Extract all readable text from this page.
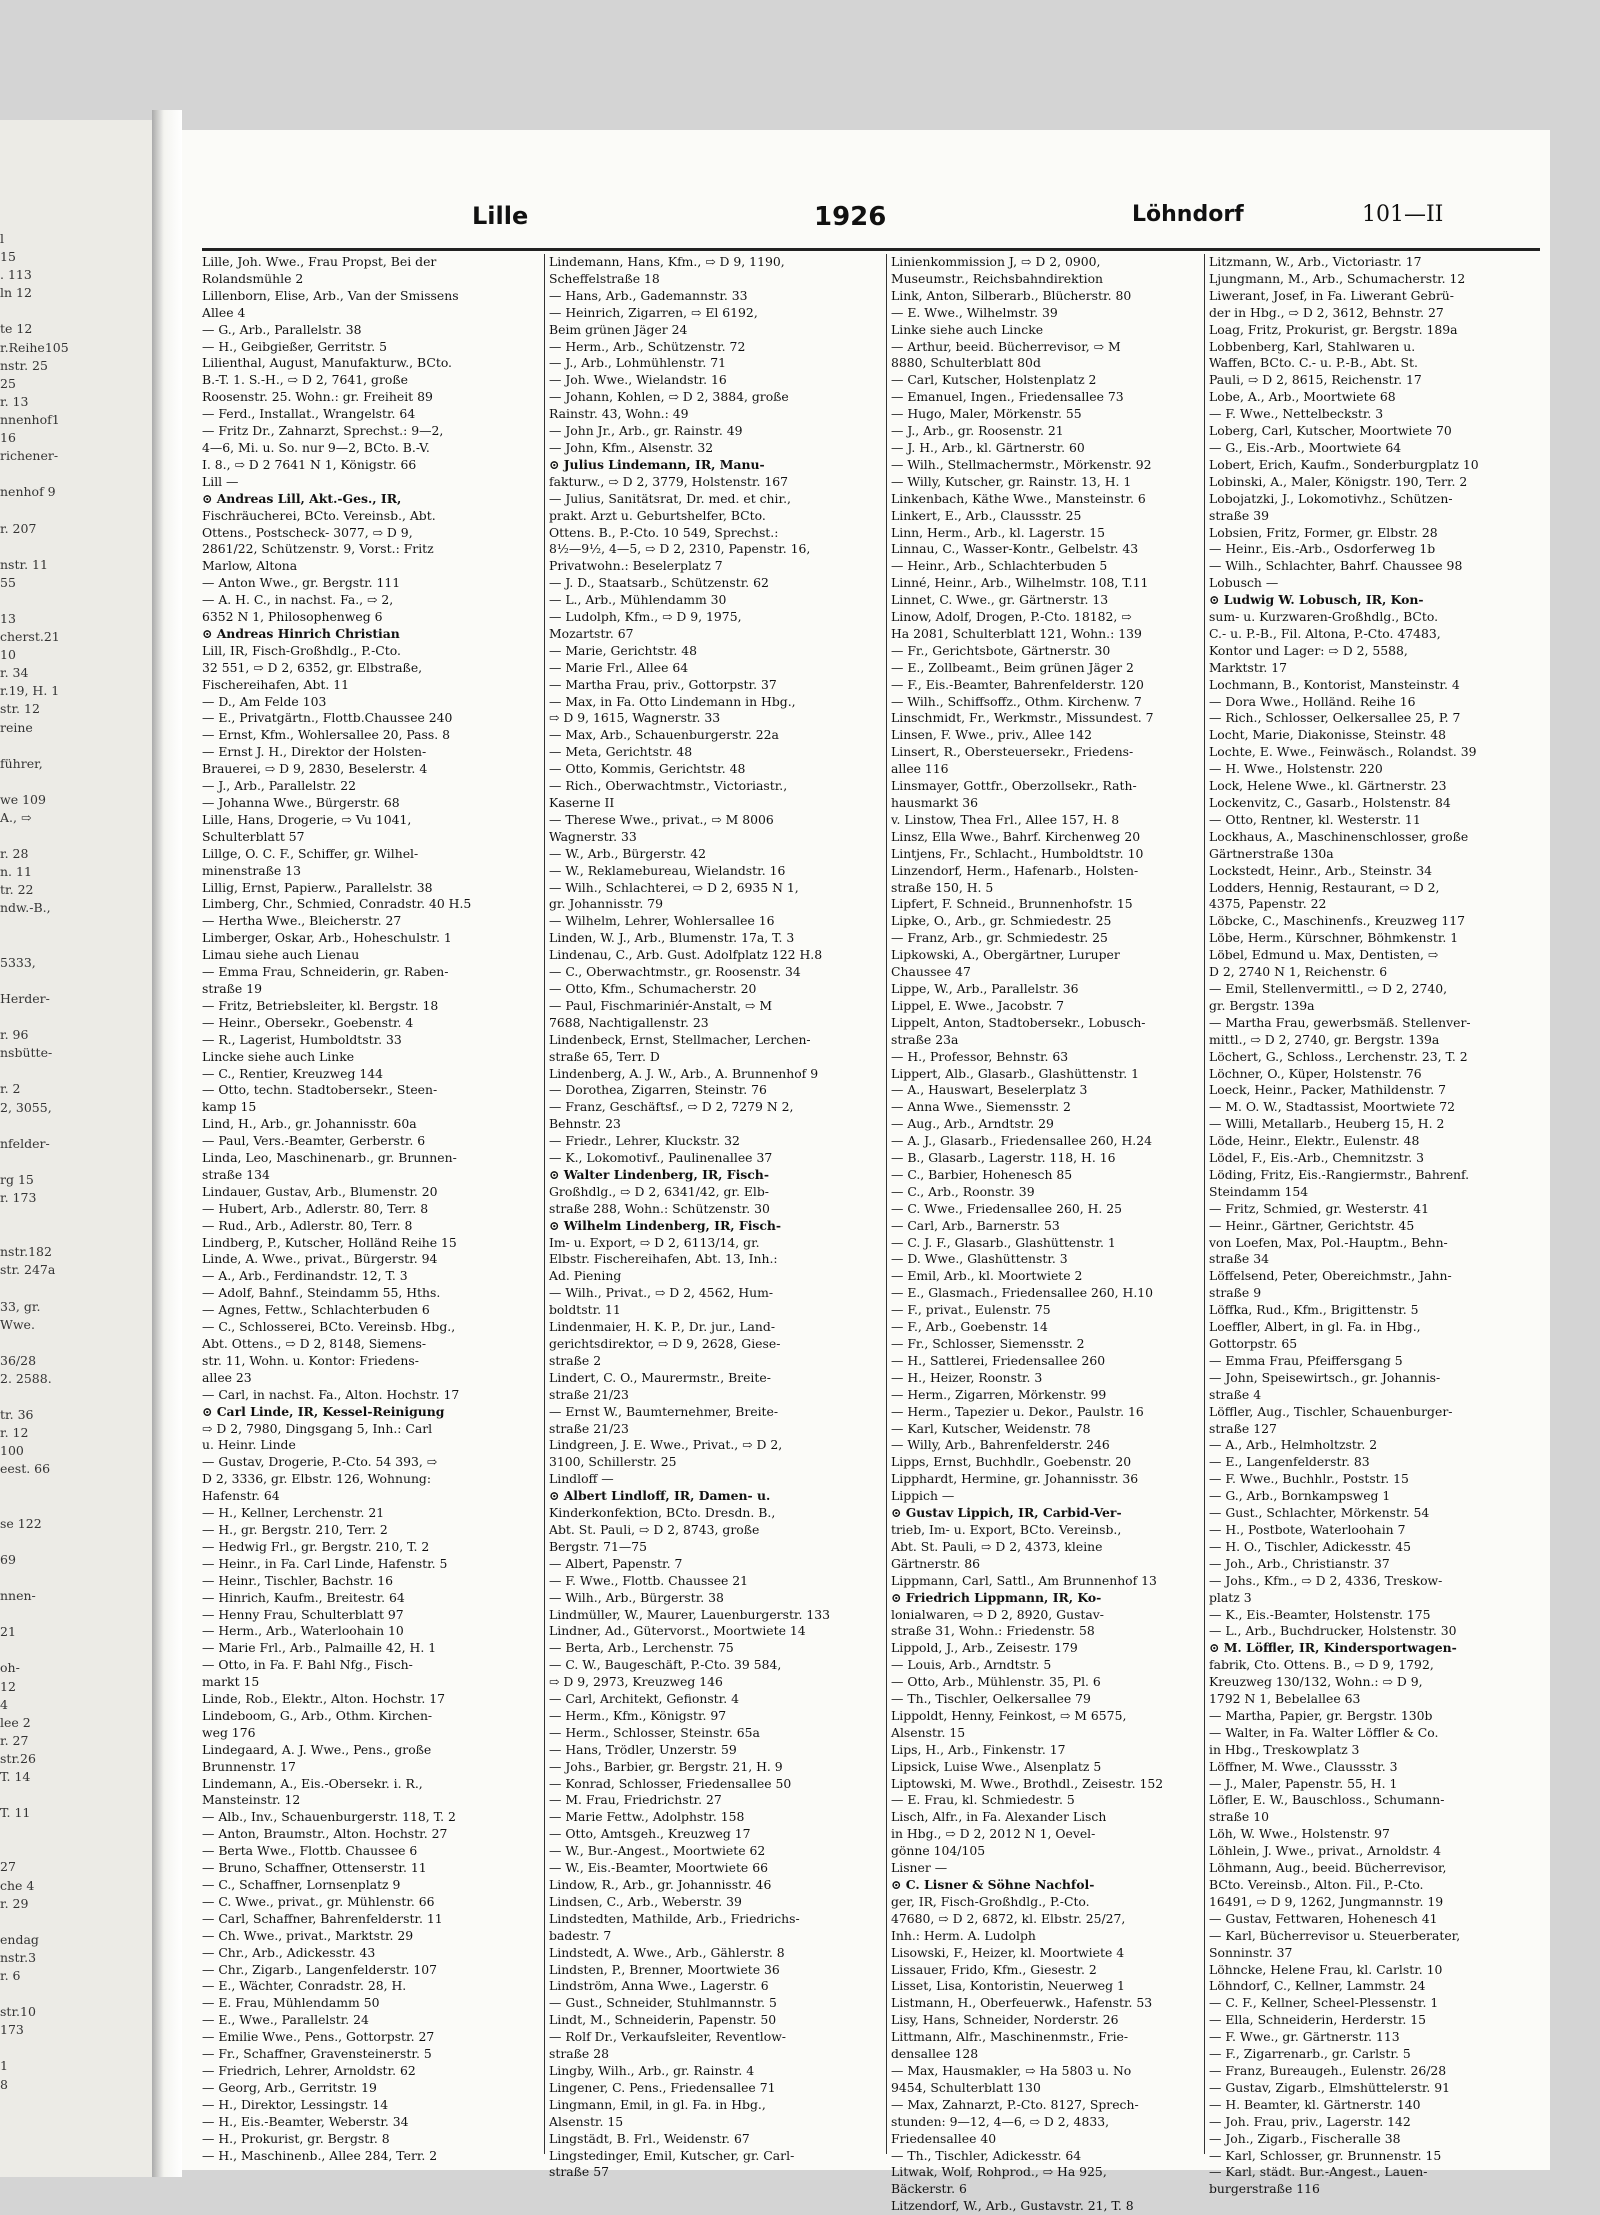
l
15
. 113
ln 12

te 12
r.Reihe105
nstr. 25
25
r. 13
nnenhof1
16
richener-

nenhof 9

r. 207

nstr. 11
55

13
cherst.21
10
r. 34
r.19, H. 1
str. 12
reine

führer,

we 109
A., ⇨

r. 28
n. 11
tr. 22
ndw.-B.,

5333,

Herder-

r. 96
nsbütte-

r. 2
2, 3055,

nfelder-

rg 15
r. 173

nstr.182
str. 247a

33, gr.
Wwe.

36/28
2. 2588.

tr. 36
r. 12
100
eest. 66

se 122

69

nnen-

21

oh-
12
4
lee 2
r. 27
str.26
T. 14

T. 11

27
che 4
r. 29

endag
nstr.3
r. 6

str.10
173

1
8
Lille	1926	Löhndorf	101—II
Lille, Joh. Wwe., Frau Propst, Bei der
Rolandsmühle 2
Lillenborn, Elise, Arb., Van der Smissens
Allee 4
— G., Arb., Parallelstr. 38
— H., Geibgießer, Gerritstr. 5
Lilienthal, August, Manufakturw., BCto.
B.-T. 1. S.-H., ⇨ D 2, 7641, große
Roosenstr. 25. Wohn.: gr. Freiheit 89
— Ferd., Installat., Wrangelstr. 64
— Fritz Dr., Zahnarzt, Sprechst.: 9—2,
4—6, Mi. u. So. nur 9—2, BCto. B.-V.
I. 8., ⇨ D 2 7641 N 1, Königstr. 66
Lill —
⊙ Andreas Lill, Akt.-Ges., IR,
Fischräucherei, BCto. Vereinsb., Abt.
Ottens., Postscheck- 3077, ⇨ D 9,
2861/22, Schützenstr. 9, Vorst.: Fritz
Marlow, Altona
— Anton Wwe., gr. Bergstr. 111
— A. H. C., in nachst. Fa., ⇨ 2,
6352 N 1, Philosophenweg 6
⊙ Andreas Hinrich Christian
Lill, IR, Fisch-Großhdlg., P.-Cto.
32 551, ⇨ D 2, 6352, gr. Elbstraße,
Fischereihafen, Abt. 11
— D., Am Felde 103
— E., Privatgärtn., Flottb.Chaussee 240
— Ernst, Kfm., Wohlersallee 20, Pass. 8
— Ernst J. H., Direktor der Holsten-
Brauerei, ⇨ D 9, 2830, Beselerstr. 4
— J., Arb., Parallelstr. 22
— Johanna Wwe., Bürgerstr. 68
Lille, Hans, Drogerie, ⇨ Vu 1041,
Schulterblatt 57
Lillge, O. C. F., Schiffer, gr. Wilhel-
minenstraße 13
Lillig, Ernst, Papierw., Parallelstr. 38
Limberg, Chr., Schmied, Conradstr. 40 H.5
— Hertha Wwe., Bleicherstr. 27
Limberger, Oskar, Arb., Hoheschulstr. 1
Limau siehe auch Lienau
— Emma Frau, Schneiderin, gr. Raben-
straße 19
— Fritz, Betriebsleiter, kl. Bergstr. 18
— Heinr., Obersekr., Goebenstr. 4
— R., Lagerist, Humboldtstr. 33
Lincke siehe auch Linke
— C., Rentier, Kreuzweg 144
— Otto, techn. Stadtobersekr., Steen-
kamp 15
Lind, H., Arb., gr. Johannisstr. 60a
— Paul, Vers.-Beamter, Gerberstr. 6
Linda, Leo, Maschinenarb., gr. Brunnen-
straße 134
Lindauer, Gustav, Arb., Blumenstr. 20
— Hubert, Arb., Adlerstr. 80, Terr. 8
— Rud., Arb., Adlerstr. 80, Terr. 8
Lindberg, P., Kutscher, Holländ Reihe 15
Linde, A. Wwe., privat., Bürgerstr. 94
— A., Arb., Ferdinandstr. 12, T. 3
— Adolf, Bahnf., Steindamm 55, Hths.
— Agnes, Fettw., Schlachterbuden 6
— C., Schlosserei, BCto. Vereinsb. Hbg.,
Abt. Ottens., ⇨ D 2, 8148, Siemens-
str. 11, Wohn. u. Kontor: Friedens-
allee 23
— Carl, in nachst. Fa., Alton. Hochstr. 17
⊙ Carl Linde, IR, Kessel-Reinigung
⇨ D 2, 7980, Dingsgang 5, Inh.: Carl
u. Heinr. Linde
— Gustav, Drogerie, P.-Cto. 54 393, ⇨
D 2, 3336, gr. Elbstr. 126, Wohnung:
Hafenstr. 64
— H., Kellner, Lerchenstr. 21
— H., gr. Bergstr. 210, Terr. 2
— Hedwig Frl., gr. Bergstr. 210, T. 2
— Heinr., in Fa. Carl Linde, Hafenstr. 5
— Heinr., Tischler, Bachstr. 16
— Hinrich, Kaufm., Breitestr. 64
— Henny Frau, Schulterblatt 97
— Herm., Arb., Waterloohain 10
— Marie Frl., Arb., Palmaille 42, H. 1
— Otto, in Fa. F. Bahl Nfg., Fisch-
markt 15
Linde, Rob., Elektr., Alton. Hochstr. 17
Lindeboom, G., Arb., Othm. Kirchen-
weg 176
Lindegaard, A. J. Wwe., Pens., große
Brunnenstr. 17
Lindemann, A., Eis.-Obersekr. i. R.,
Mansteinstr. 12
— Alb., Inv., Schauenburgerstr. 118, T. 2
— Anton, Braumstr., Alton. Hochstr. 27
— Berta Wwe., Flottb. Chaussee 6
— Bruno, Schaffner, Ottenserstr. 11
— C., Schaffner, Lornsenplatz 9
— C. Wwe., privat., gr. Mühlenstr. 66
— Carl, Schaffner, Bahrenfelderstr. 11
— Ch. Wwe., privat., Marktstr. 29
— Chr., Arb., Adickesstr. 43
— Chr., Zigarb., Langenfelderstr. 107
— E., Wächter, Conradstr. 28, H.
— E. Frau, Mühlendamm 50
— E., Wwe., Parallelstr. 24
— Emilie Wwe., Pens., Gottorpstr. 27
— Fr., Schaffner, Gravensteinerstr. 5
— Friedrich, Lehrer, Arnoldstr. 62
— Georg, Arb., Gerritstr. 19
— H., Direktor, Lessingstr. 14
— H., Eis.-Beamter, Weberstr. 34
— H., Prokurist, gr. Bergstr. 8
— H., Maschinenb., Allee 284, Terr. 2
Lindemann, Hans, Kfm., ⇨ D 9, 1190,
Scheffelstraße 18
— Hans, Arb., Gademannstr. 33
— Heinrich, Zigarren, ⇨ El 6192,
Beim grünen Jäger 24
— Herm., Arb., Schützenstr. 72
— J., Arb., Lohmühlenstr. 71
— Joh. Wwe., Wielandstr. 16
— Johann, Kohlen, ⇨ D 2, 3884, große
Rainstr. 43, Wohn.: 49
— John Jr., Arb., gr. Rainstr. 49
— John, Kfm., Alsenstr. 32
⊙ Julius Lindemann, IR, Manu-
fakturw., ⇨ D 2, 3779, Holstenstr. 167
— Julius, Sanitätsrat, Dr. med. et chir.,
prakt. Arzt u. Geburtshelfer, BCto.
Ottens. B., P.-Cto. 10 549, Sprechst.:
8½—9½, 4—5, ⇨ D 2, 2310, Papenstr. 16,
Privatwohn.: Beselerplatz 7
— J. D., Staatsarb., Schützenstr. 62
— L., Arb., Mühlendamm 30
— Ludolph, Kfm., ⇨ D 9, 1975,
Mozartstr. 67
— Marie, Gerichtstr. 48
— Marie Frl., Allee 64
— Martha Frau, priv., Gottorpstr. 37
— Max, in Fa. Otto Lindemann in Hbg.,
⇨ D 9, 1615, Wagnerstr. 33
— Max, Arb., Schauenburgerstr. 22a
— Meta, Gerichtstr. 48
— Otto, Kommis, Gerichtstr. 48
— Rich., Oberwachtmstr., Victoriastr.,
Kaserne II
— Therese Wwe., privat., ⇨ M 8006
Wagnerstr. 33
— W., Arb., Bürgerstr. 42
— W., Reklamebureau, Wielandstr. 16
— Wilh., Schlachterei, ⇨ D 2, 6935 N 1,
gr. Johannisstr. 79
— Wilhelm, Lehrer, Wohlersallee 16
Linden, W. J., Arb., Blumenstr. 17a, T. 3
Lindenau, C., Arb. Gust. Adolfplatz 122 H.8
— C., Oberwachtmstr., gr. Roosenstr. 34
— Otto, Kfm., Schumacherstr. 20
— Paul, Fischmariniér-Anstalt, ⇨ M
7688, Nachtigallenstr. 23
Lindenbeck, Ernst, Stellmacher, Lerchen-
straße 65, Terr. D
Lindenberg, A. J. W., Arb., A. Brunnenhof 9
— Dorothea, Zigarren, Steinstr. 76
— Franz, Geschäftsf., ⇨ D 2, 7279 N 2,
Behnstr. 23
— Friedr., Lehrer, Kluckstr. 32
— K., Lokomotivf., Paulinenallee 37
⊙ Walter Lindenberg, IR, Fisch-
Großhdlg., ⇨ D 2, 6341/42, gr. Elb-
straße 288, Wohn.: Schützenstr. 30
⊙ Wilhelm Lindenberg, IR, Fisch-
Im- u. Export, ⇨ D 2, 6113/14, gr.
Elbstr. Fischereihafen, Abt. 13, Inh.:
Ad. Piening
— Wilh., Privat., ⇨ D 2, 4562, Hum-
boldtstr. 11
Lindenmaier, H. K. P., Dr. jur., Land-
gerichtsdirektor, ⇨ D 9, 2628, Giese-
straße 2
Lindert, C. O., Maurermstr., Breite-
straße 21/23
— Ernst W., Baumternehmer, Breite-
straße 21/23
Lindgreen, J. E. Wwe., Privat., ⇨ D 2,
3100, Schillerstr. 25
Lindloff —
⊙ Albert Lindloff, IR, Damen- u.
Kinderkonfektion, BCto. Dresdn. B.,
Abt. St. Pauli, ⇨ D 2, 8743, große
Bergstr. 71—75
— Albert, Papenstr. 7
— F. Wwe., Flottb. Chaussee 21
— Wilh., Arb., Bürgerstr. 38
Lindmüller, W., Maurer, Lauenburgerstr. 133
Lindner, Ad., Gütervorst., Moortwiete 14
— Berta, Arb., Lerchenstr. 75
— C. W., Baugeschäft, P.-Cto. 39 584,
⇨ D 9, 2973, Kreuzweg 146
— Carl, Architekt, Gefionstr. 4
— Herm., Kfm., Königstr. 97
— Herm., Schlosser, Steinstr. 65a
— Hans, Trödler, Unzerstr. 59
— Johs., Barbier, gr. Bergstr. 21, H. 9
— Konrad, Schlosser, Friedensallee 50
— M. Frau, Friedrichstr. 27
— Marie Fettw., Adolphstr. 158
— Otto, Amtsgeh., Kreuzweg 17
— W., Bur.-Angest., Moortwiete 62
— W., Eis.-Beamter, Moortwiete 66
Lindow, R., Arb., gr. Johannisstr. 46
Lindsen, C., Arb., Weberstr. 39
Lindstedten, Mathilde, Arb., Friedrichs-
badestr. 7
Lindstedt, A. Wwe., Arb., Gählerstr. 8
Lindsten, P., Brenner, Moortwiete 36
Lindström, Anna Wwe., Lagerstr. 6
— Gust., Schneider, Stuhlmannstr. 5
Lindt, M., Schneiderin, Papenstr. 50
— Rolf Dr., Verkaufsleiter, Reventlow-
straße 28
Lingby, Wilh., Arb., gr. Rainstr. 4
Lingener, C. Pens., Friedensallee 71
Lingmann, Emil, in gl. Fa. in Hbg.,
Alsenstr. 15
Lingstädt, B. Frl., Weidenstr. 67
Lingstedinger, Emil, Kutscher, gr. Carl-
straße 57
Linienkommission J, ⇨ D 2, 0900,
Museumstr., Reichsbahndirektion
Link, Anton, Silberarb., Blücherstr. 80
— E. Wwe., Wilhelmstr. 39
Linke siehe auch Lincke
— Arthur, beeid. Bücherrevisor, ⇨ M
8880, Schulterblatt 80d
— Carl, Kutscher, Holstenplatz 2
— Emanuel, Ingen., Friedensallee 73
— Hugo, Maler, Mörkenstr. 55
— J., Arb., gr. Roosenstr. 21
— J. H., Arb., kl. Gärtnerstr. 60
— Wilh., Stellmachermstr., Mörkenstr. 92
— Willy, Kutscher, gr. Rainstr. 13, H. 1
Linkenbach, Käthe Wwe., Mansteinstr. 6
Linkert, E., Arb., Claussstr. 25
Linn, Herm., Arb., kl. Lagerstr. 15
Linnau, C., Wasser-Kontr., Gelbelstr. 43
— Heinr., Arb., Schlachterbuden 5
Linné, Heinr., Arb., Wilhelmstr. 108, T.11
Linnet, C. Wwe., gr. Gärtnerstr. 13
Linow, Adolf, Drogen, P.-Cto. 18182, ⇨
Ha 2081, Schulterblatt 121, Wohn.: 139
— Fr., Gerichtsbote, Gärtnerstr. 30
— E., Zollbeamt., Beim grünen Jäger 2
— F., Eis.-Beamter, Bahrenfelderstr. 120
— Wilh., Schiffsoffz., Othm. Kirchenw. 7
Linschmidt, Fr., Werkmstr., Missundest. 7
Linsen, F. Wwe., priv., Allee 142
Linsert, R., Obersteuersekr., Friedens-
allee 116
Linsmayer, Gottfr., Oberzollsekr., Rath-
hausmarkt 36
v. Linstow, Thea Frl., Allee 157, H. 8
Linsz, Ella Wwe., Bahrf. Kirchenweg 20
Lintjens, Fr., Schlacht., Humboldtstr. 10
Linzendorf, Herm., Hafenarb., Holsten-
straße 150, H. 5
Lipfert, F. Schneid., Brunnenhofstr. 15
Lipke, O., Arb., gr. Schmiedestr. 25
— Franz, Arb., gr. Schmiedestr. 25
Lipkowski, A., Obergärtner, Luruper
Chaussee 47
Lippe, W., Arb., Parallelstr. 36
Lippel, E. Wwe., Jacobstr. 7
Lippelt, Anton, Stadtobersekr., Lobusch-
straße 23a
— H., Professor, Behnstr. 63
Lippert, Alb., Glasarb., Glashüttenstr. 1
— A., Hauswart, Beselerplatz 3
— Anna Wwe., Siemensstr. 2
— Aug., Arb., Arndtstr. 29
— A. J., Glasarb., Friedensallee 260, H.24
— B., Glasarb., Lagerstr. 118, H. 16
— C., Barbier, Hohenesch 85
— C., Arb., Roonstr. 39
— C. Wwe., Friedensallee 260, H. 25
— Carl, Arb., Barnerstr. 53
— C. J. F., Glasarb., Glashüttenstr. 1
— D. Wwe., Glashüttenstr. 3
— Emil, Arb., kl. Moortwiete 2
— E., Glasmach., Friedensallee 260, H.10
— F., privat., Eulenstr. 75
— F., Arb., Goebenstr. 14
— Fr., Schlosser, Siemensstr. 2
— H., Sattlerei, Friedensallee 260
— H., Heizer, Roonstr. 3
— Herm., Zigarren, Mörkenstr. 99
— Herm., Tapezier u. Dekor., Paulstr. 16
— Karl, Kutscher, Weidenstr. 78
— Willy, Arb., Bahrenfelderstr. 246
Lipps, Ernst, Buchhdlr., Goebenstr. 20
Lipphardt, Hermine, gr. Johannisstr. 36
Lippich —
⊙ Gustav Lippich, IR, Carbid-Ver-
trieb, Im- u. Export, BCto. Vereinsb.,
Abt. St. Pauli, ⇨ D 2, 4373, kleine
Gärtnerstr. 86
Lippmann, Carl, Sattl., Am Brunnenhof 13
⊙ Friedrich Lippmann, IR, Ko-
lonialwaren, ⇨ D 2, 8920, Gustav-
straße 31, Wohn.: Friedenstr. 58
Lippold, J., Arb., Zeisestr. 179
— Louis, Arb., Arndtstr. 5
— Otto, Arb., Mühlenstr. 35, Pl. 6
— Th., Tischler, Oelkersallee 79
Lippoldt, Henny, Feinkost, ⇨ M 6575,
Alsenstr. 15
Lips, H., Arb., Finkenstr. 17
Lipsick, Luise Wwe., Alsenplatz 5
Liptowski, M. Wwe., Brothdl., Zeisestr. 152
— E. Frau, kl. Schmiedestr. 5
Lisch, Alfr., in Fa. Alexander Lisch
in Hbg., ⇨ D 2, 2012 N 1, Oevel-
gönne 104/105
Lisner —
⊙ C. Lisner & Söhne Nachfol-
ger, IR, Fisch-Großhdlg., P.-Cto.
47680, ⇨ D 2, 6872, kl. Elbstr. 25/27,
Inh.: Herm. A. Ludolph
Lisowski, F., Heizer, kl. Moortwiete 4
Lissauer, Frido, Kfm., Giesestr. 2
Lisset, Lisa, Kontoristin, Neuerweg 1
Listmann, H., Oberfeuerwk., Hafenstr. 53
Lisy, Hans, Schneider, Norderstr. 26
Littmann, Alfr., Maschinenmstr., Frie-
densallee 128
— Max, Hausmakler, ⇨ Ha 5803 u. No
9454, Schulterblatt 130
— Max, Zahnarzt, P.-Cto. 8127, Sprech-
stunden: 9—12, 4—6, ⇨ D 2, 4833,
Friedensallee 40
— Th., Tischler, Adickesstr. 64
Litwak, Wolf, Rohprod., ⇨ Ha 925,
Bäckerstr. 6
Litzendorf, W., Arb., Gustavstr. 21, T. 8
Litzmann, W., Arb., Victoriastr. 17
Ljungmann, M., Arb., Schumacherstr. 12
Liwerant, Josef, in Fa. Liwerant Gebrü-
der in Hbg., ⇨ D 2, 3612, Behnstr. 27
Loag, Fritz, Prokurist, gr. Bergstr. 189a
Lobbenberg, Karl, Stahlwaren u.
Waffen, BCto. C.- u. P.-B., Abt. St.
Pauli, ⇨ D 2, 8615, Reichenstr. 17
Lobe, A., Arb., Moortwiete 68
— F. Wwe., Nettelbeckstr. 3
Loberg, Carl, Kutscher, Moortwiete 70
— G., Eis.-Arb., Moortwiete 64
Lobert, Erich, Kaufm., Sonderburgplatz 10
Lobinski, A., Maler, Königstr. 190, Terr. 2
Lobojatzki, J., Lokomotivhz., Schützen-
straße 39
Lobsien, Fritz, Former, gr. Elbstr. 28
— Heinr., Eis.-Arb., Osdorferweg 1b
— Wilh., Schlachter, Bahrf. Chaussee 98
Lobusch —
⊙ Ludwig W. Lobusch, IR, Kon-
sum- u. Kurzwaren-Großhdlg., BCto.
C.- u. P.-B., Fil. Altona, P.-Cto. 47483,
Kontor und Lager: ⇨ D 2, 5588,
Marktstr. 17
Lochmann, B., Kontorist, Mansteinstr. 4
— Dora Wwe., Holländ. Reihe 16
— Rich., Schlosser, Oelkersallee 25, P. 7
Locht, Marie, Diakonisse, Steinstr. 48
Lochte, E. Wwe., Feinwäsch., Rolandst. 39
— H. Wwe., Holstenstr. 220
Lock, Helene Wwe., kl. Gärtnerstr. 23
Lockenvitz, C., Gasarb., Holstenstr. 84
— Otto, Rentner, kl. Westerstr. 11
Lockhaus, A., Maschinenschlosser, große
Gärtnerstraße 130a
Lockstedt, Heinr., Arb., Steinstr. 34
Lodders, Hennig, Restaurant, ⇨ D 2,
4375, Papenstr. 22
Löbcke, C., Maschinenfs., Kreuzweg 117
Löbe, Herm., Kürschner, Böhmkenstr. 1
Löbel, Edmund u. Max, Dentisten, ⇨
D 2, 2740 N 1, Reichenstr. 6
— Emil, Stellenvermittl., ⇨ D 2, 2740,
gr. Bergstr. 139a
— Martha Frau, gewerbsmäß. Stellenver-
mittl., ⇨ D 2, 2740, gr. Bergstr. 139a
Löchert, G., Schloss., Lerchenstr. 23, T. 2
Löchner, O., Küper, Holstenstr. 76
Loeck, Heinr., Packer, Mathildenstr. 7
— M. O. W., Stadtassist, Moortwiete 72
— Willi, Metallarb., Heuberg 15, H. 2
Löde, Heinr., Elektr., Eulenstr. 48
Lödel, F., Eis.-Arb., Chemnitzstr. 3
Löding, Fritz, Eis.-Rangiermstr., Bahrenf.
Steindamm 154
— Fritz, Schmied, gr. Westerstr. 41
— Heinr., Gärtner, Gerichtstr. 45
von Loefen, Max, Pol.-Hauptm., Behn-
straße 34
Löffelsend, Peter, Obereichmstr., Jahn-
straße 9
Löffka, Rud., Kfm., Brigittenstr. 5
Loeffler, Albert, in gl. Fa. in Hbg.,
Gottorpstr. 65
— Emma Frau, Pfeiffersgang 5
— John, Speisewirtsch., gr. Johannis-
straße 4
Löffler, Aug., Tischler, Schauenburger-
straße 127
— A., Arb., Helmholtzstr. 2
— E., Langenfelderstr. 83
— F. Wwe., Buchhlr., Poststr. 15
— G., Arb., Bornkampsweg 1
— Gust., Schlachter, Mörkenstr. 54
— H., Postbote, Waterloohain 7
— H. O., Tischler, Adickesstr. 45
— Joh., Arb., Christianstr. 37
— Johs., Kfm., ⇨ D 2, 4336, Treskow-
platz 3
— K., Eis.-Beamter, Holstenstr. 175
— L., Arb., Buchdrucker, Holstenstr. 30
⊙ M. Löffler, IR, Kindersportwagen-
fabrik, Cto. Ottens. B., ⇨ D 9, 1792,
Kreuzweg 130/132, Wohn.: ⇨ D 9,
1792 N 1, Bebelallee 63
— Martha, Papier, gr. Bergstr. 130b
— Walter, in Fa. Walter Löffler & Co.
in Hbg., Treskowplatz 3
Löffner, M. Wwe., Claussstr. 3
— J., Maler, Papenstr. 55, H. 1
Löfler, E. W., Bauschloss., Schumann-
straße 10
Löh, W. Wwe., Holstenstr. 97
Löhlein, J. Wwe., privat., Arnoldstr. 4
Löhmann, Aug., beeid. Bücherrevisor,
BCto. Vereinsb., Alton. Fil., P.-Cto.
16491, ⇨ D 9, 1262, Jungmannstr. 19
— Gustav, Fettwaren, Hohenesch 41
— Karl, Bücherrevisor u. Steuerberater,
Sonninstr. 37
Löhncke, Helene Frau, kl. Carlstr. 10
Löhndorf, C., Kellner, Lammstr. 24
— C. F., Kellner, Scheel-Plessenstr. 1
— Ella, Schneiderin, Herderstr. 15
— F. Wwe., gr. Gärtnerstr. 113
— F., Zigarrenarb., gr. Carlstr. 5
— Franz, Bureaugeh., Eulenstr. 26/28
— Gustav, Zigarb., Elmshüttelerstr. 91
— H. Beamter, kl. Gärtnerstr. 140
— Joh. Frau, priv., Lagerstr. 142
— Joh., Zigarb., Fischeralle 38
— Karl, Schlosser, gr. Brunnenstr. 15
— Karl, städt. Bur.-Angest., Lauen-
burgerstraße 116
